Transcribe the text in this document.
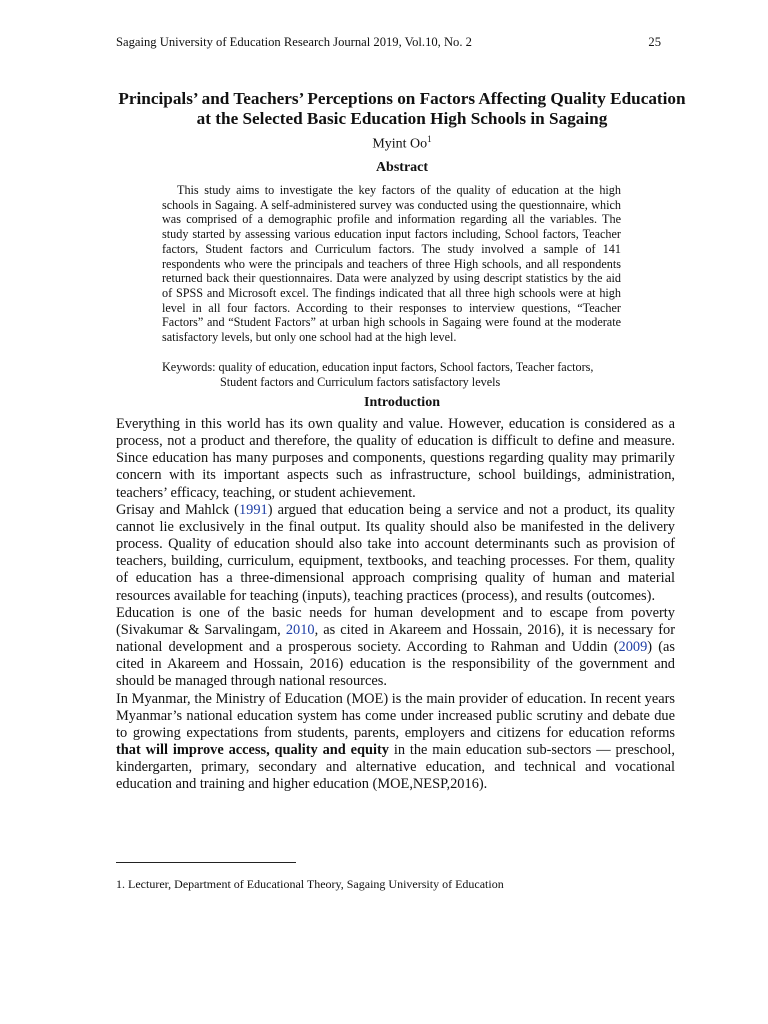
Sagaing University of Education Research Journal 2019, Vol.10, No. 2	25
Principals’ and Teachers’ Perceptions on Factors Affecting Quality Education at the Selected Basic Education High Schools in Sagaing
Myint Oo$^1$
Abstract
This study aims to investigate the key factors of the quality of education at the high schools in Sagaing. A self-administered survey was conducted using the questionnaire, which was comprised of a demographic profile and information regarding all the variables. The study started by assessing various education input factors including, School factors, Teacher factors, Student factors and Curriculum factors. The study involved a sample of 141 respondents who were the principals and teachers of three High schools, and all respondents returned back their questionnaires. Data were analyzed by using descript statistics by the aid of SPSS and Microsoft excel. The findings indicated that all three high schools were at high level in all four factors. According to their responses to interview questions, “Teacher Factors” and “Student Factors” at urban high schools in Sagaing were found at the moderate satisfactory levels, but only one school had at the high level.
Keywords: quality of education, education input factors, School factors, Teacher factors,
Student factors and Curriculum factors satisfactory levels
Introduction

Everything in this world has its own quality and value. However, education is considered as a process, not a product and therefore, the quality of education is difficult to define and measure. Since education has many purposes and components, questions regarding quality may primarily concern with its important aspects such as infrastructure, school buildings, administration, teachers’ efficacy, teaching, or student achievement.

Grisay and Mahlck (1991) argued that education being a service and not a product, its quality cannot lie exclusively in the final output. Its quality should also be manifested in the delivery process. Quality of education should also take into account determinants such as provision of teachers, building, curriculum, equipment, textbooks, and teaching processes. For them, quality of education has a three-dimensional approach comprising quality of human and material resources available for teaching (inputs), teaching practices (process), and results (outcomes).

Education is one of the basic needs for human development and to escape from poverty (Sivakumar & Sarvalingam, 2010, as cited in Akareem and Hossain, 2016), it is necessary for national development and a prosperous society. According to Rahman and Uddin (2009) (as cited in Akareem and Hossain, 2016) education is the responsibility of the government and should be managed through national resources.

In Myanmar, the Ministry of Education (MOE) is the main provider of education. In recent years Myanmar’s national education system has come under increased public scrutiny and debate due to growing expectations from students, parents, employers and citizens for education reforms that will improve access, quality and equity in the main education sub-sectors — preschool, kindergarten, primary, secondary and alternative education, and technical and vocational education and training and higher education (MOE,NESP,2016).

1. Lecturer, Department of Educational Theory, Sagaing University of Education
